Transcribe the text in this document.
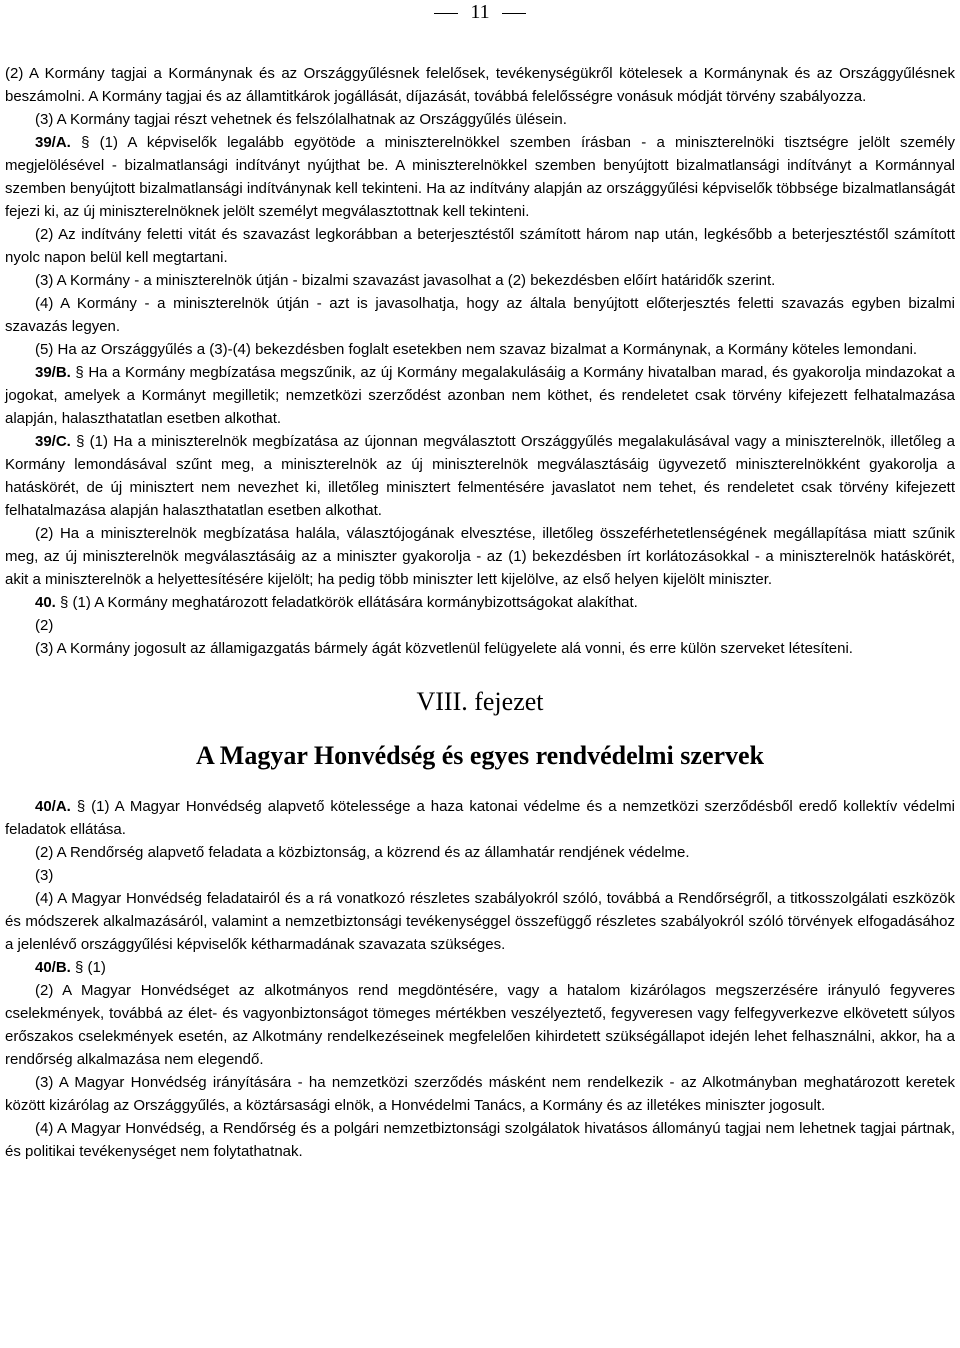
11

(2) A Kormány tagjai a Kormánynak és az Országgyűlésnek felelősek, tevékenységükről kötelesek a Kormánynak és az Országgyűlésnek beszámolni. A Kormány tagjai és az államtitkárok jogállását, díjazását, továbbá felelősségre vonásuk módját törvény szabályozza.

(3) A Kormány tagjai részt vehetnek és felszólalhatnak az Országgyűlés ülésein.

39/A. § (1) A képviselők legalább egyötöde a miniszterelnökkel szemben írásban - a miniszterelnöki tisztségre jelölt személy megjelölésével - bizalmatlansági indítványt nyújthat be. A miniszterelnökkel szemben benyújtott bizalmatlansági indítványt a Kormánnyal szemben benyújtott bizalmatlansági indítványnak kell tekinteni. Ha az indítvány alapján az országgyűlési képviselők többsége bizalmatlanságát fejezi ki, az új miniszterelnöknek jelölt személyt megválasztottnak kell tekinteni.

(2) Az indítvány feletti vitát és szavazást legkorábban a beterjesztéstől számított három nap után, legkésőbb a beterjesztéstől számított nyolc napon belül kell megtartani.

(3) A Kormány - a miniszterelnök útján - bizalmi szavazást javasolhat a (2) bekezdésben előírt határidők szerint.

(4) A Kormány - a miniszterelnök útján - azt is javasolhatja, hogy az általa benyújtott előterjesztés feletti szavazás egyben bizalmi szavazás legyen.

(5) Ha az Országgyűlés a (3)-(4) bekezdésben foglalt esetekben nem szavaz bizalmat a Kormánynak, a Kormány köteles lemondani.

39/B. § Ha a Kormány megbízatása megszűnik, az új Kormány megalakulásáig a Kormány hivatalban marad, és gyakorolja mindazokat a jogokat, amelyek a Kormányt megilletik; nemzetközi szerződést azonban nem köthet, és rendeletet csak törvény kifejezett felhatalmazása alapján, halaszthatatlan esetben alkothat.

39/C. § (1) Ha a miniszterelnök megbízatása az újonnan megválasztott Országgyűlés megalakulásával vagy a miniszterelnök, illetőleg a Kormány lemondásával szűnt meg, a miniszterelnök az új miniszterelnök megválasztásáig ügyvezető miniszterelnökként gyakorolja a hatáskörét, de új minisztert nem nevezhet ki, illetőleg minisztert felmentésére javaslatot nem tehet, és rendeletet csak törvény kifejezett felhatalmazása alapján halaszthatatlan esetben alkothat.

(2) Ha a miniszterelnök megbízatása halála, választójogának elvesztése, illetőleg összeférhetetlenségének megállapítása miatt szűnik meg, az új miniszterelnök megválasztásáig az a miniszter gyakorolja - az (1) bekezdésben írt korlátozásokkal - a miniszterelnök hatáskörét, akit a miniszterelnök a helyettesítésére kijelölt; ha pedig több miniszter lett kijelölve, az első helyen kijelölt miniszter.

40. § (1) A Kormány meghatározott feladatkörök ellátására kormánybizottságokat alakíthat.

(2)

(3) A Kormány jogosult az államigazgatás bármely ágát közvetlenül felügyelete alá vonni, és erre külön szerveket létesíteni.

VIII. fejezet
A Magyar Honvédség és egyes rendvédelmi szervek

40/A. § (1) A Magyar Honvédség alapvető kötelessége a haza katonai védelme és a nemzetközi szerződésből eredő kollektív védelmi feladatok ellátása.

(2) A Rendőrség alapvető feladata a közbiztonság, a közrend és az államhatár rendjének védelme.

(3)

(4) A Magyar Honvédség feladatairól és a rá vonatkozó részletes szabályokról szóló, továbbá a Rendőrségről, a titkosszolgálati eszközök és módszerek alkalmazásáról, valamint a nemzetbiztonsági tevékenységgel összefüggő részletes szabályokról szóló törvények elfogadásához a jelenlévő országgyűlési képviselők kétharmadának szavazata szükséges.

40/B. § (1)

(2) A Magyar Honvédséget az alkotmányos rend megdöntésére, vagy a hatalom kizárólagos megszerzésére irányuló fegyveres cselekmények, továbbá az élet- és vagyonbiztonságot tömeges mértékben veszélyeztető, fegyveresen vagy felfegyverkezve elkövetett súlyos erőszakos cselekmények esetén, az Alkotmány rendelkezéseinek megfelelően kihirdetett szükségállapot idején lehet felhasználni, akkor, ha a rendőrség alkalmazása nem elegendő.

(3) A Magyar Honvédség irányítására - ha nemzetközi szerződés másként nem rendelkezik - az Alkotmányban meghatározott keretek között kizárólag az Országgyűlés, a köztársasági elnök, a Honvédelmi Tanács, a Kormány és az illetékes miniszter jogosult.

(4) A Magyar Honvédség, a Rendőrség és a polgári nemzetbiztonsági szolgálatok hivatásos állományú tagjai nem lehetnek tagjai pártnak, és politikai tevékenységet nem folytathatnak.
